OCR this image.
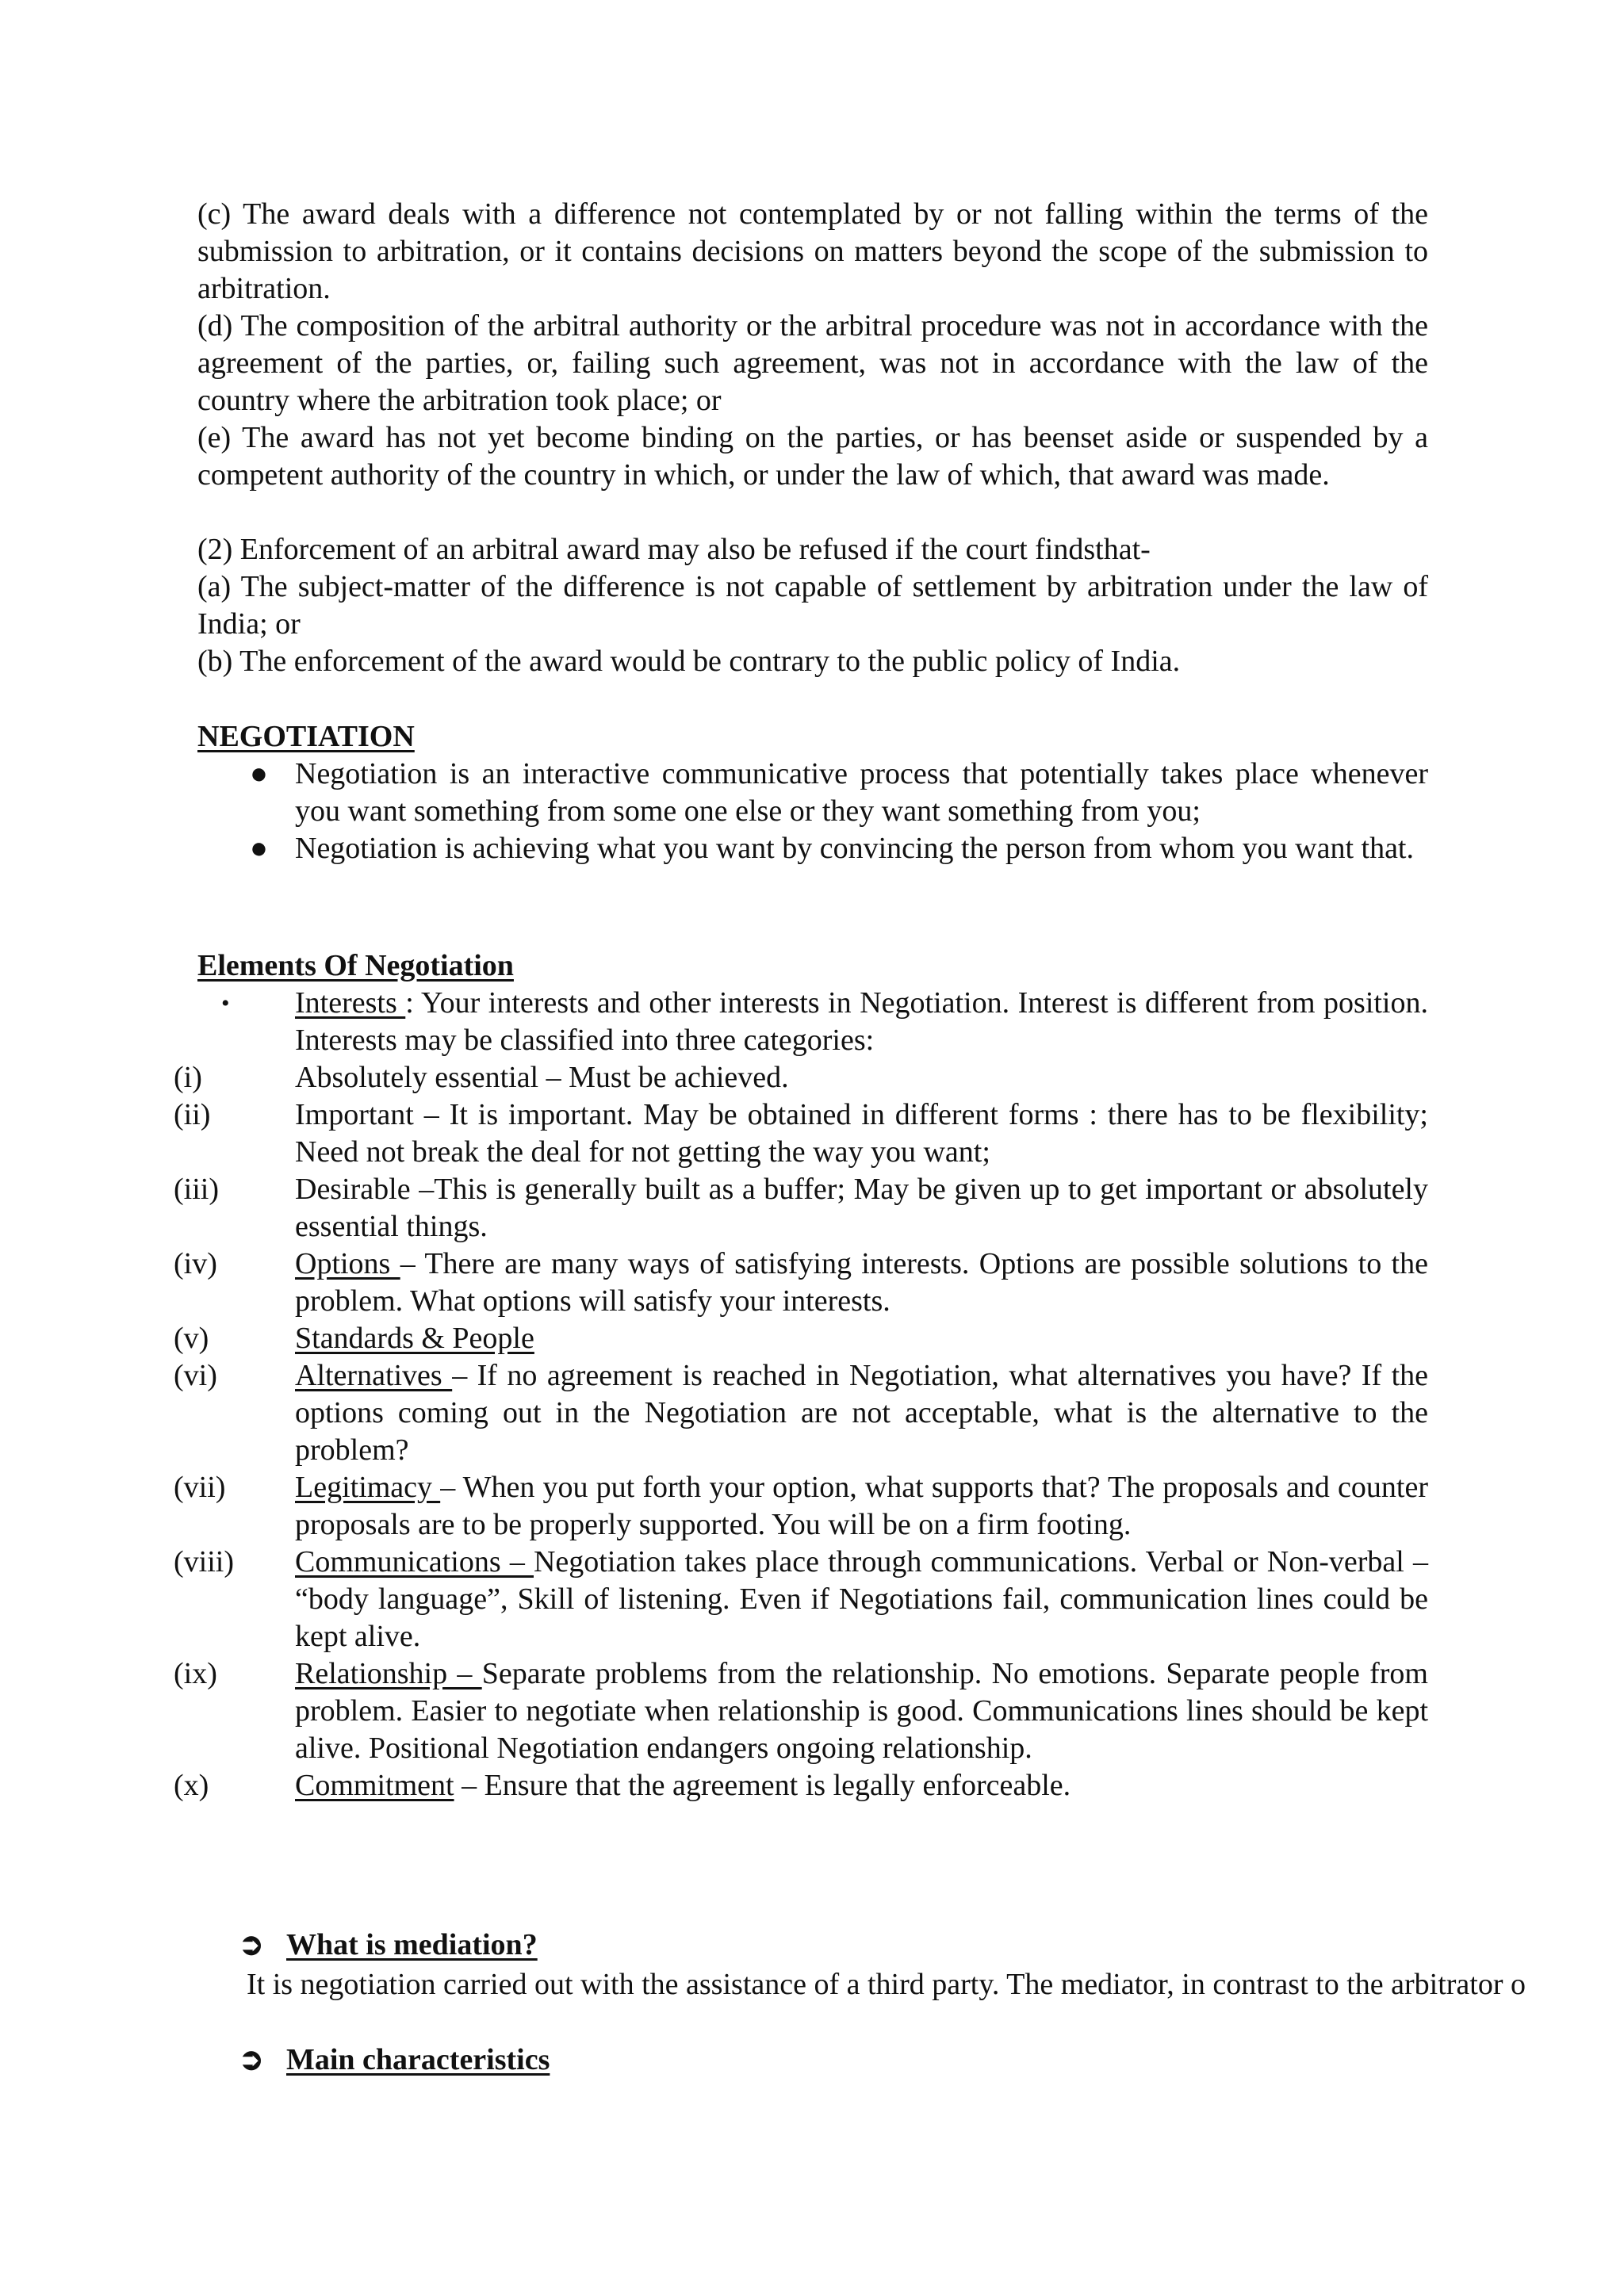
(c) The award deals with a difference not contemplated by or not falling within the terms of the submission to arbitration, or it contains decisions on matters beyond the scope of the submission to arbitration.
(d) The composition of the arbitral authority or the arbitral procedure was not in accordance with the agreement of the parties, or, failing such agreement, was not in accordance with the law of the country where the arbitration took place; or
(e) The award has not yet become binding on the parties, or has beenset aside or suspended by a competent authority of the country in which, or under the law of which, that award was made.
(2) Enforcement of an arbitral award may also be refused if the court findsthat-
(a) The subject-matter of the difference is not capable of settlement by arbitration under the law of India; or
(b) The enforcement of the award would be contrary to the public policy of India.
NEGOTIATION
● Negotiation is an interactive communicative process that potentially takes place whenever you want something from some one else or they want something from you;
● Negotiation is achieving what you want by convincing the person from whom you want that.
Elements Of Negotiation
•	Interests : Your interests and other interests in Negotiation. Interest is different from position. Interests may be classified into three categories:
(i)	Absolutely essential – Must be achieved.
(ii)	Important – It is important. May be obtained in different forms : there has to be flexibility; Need not break the deal for not getting the way you want;
(iii)	Desirable –This is generally built as a buffer; May be given up to get important or absolutely essential things.
(iv)	Options – There are many ways of satisfying interests. Options are possible solutions to the problem. What options will satisfy your interests.
(v)	Standards & People
(vi)	Alternatives – If no agreement is reached in Negotiation, what alternatives you have? If the options coming out in the Negotiation are not acceptable, what is the alternative to the problem?
(vii)	Legitimacy – When you put forth your option, what supports that? The proposals and counter proposals are to be properly supported. You will be on a firm footing.
(viii)	Communications – Negotiation takes place through communications. Verbal or Non-verbal – “body language”, Skill of listening. Even if Negotiations fail, communication lines could be kept alive.
(ix)	Relationship – Separate problems from the relationship. No emotions. Separate people from problem. Easier to negotiate when relationship is good. Communications lines should be kept alive. Positional Negotiation endangers ongoing relationship.
(x)	Commitment – Ensure that the agreement is legally enforceable.
➲ What is mediation?
It is negotiation carried out with the assistance of a third party. The mediator, in contrast to the arbitrator o
➲ Main characteristics
